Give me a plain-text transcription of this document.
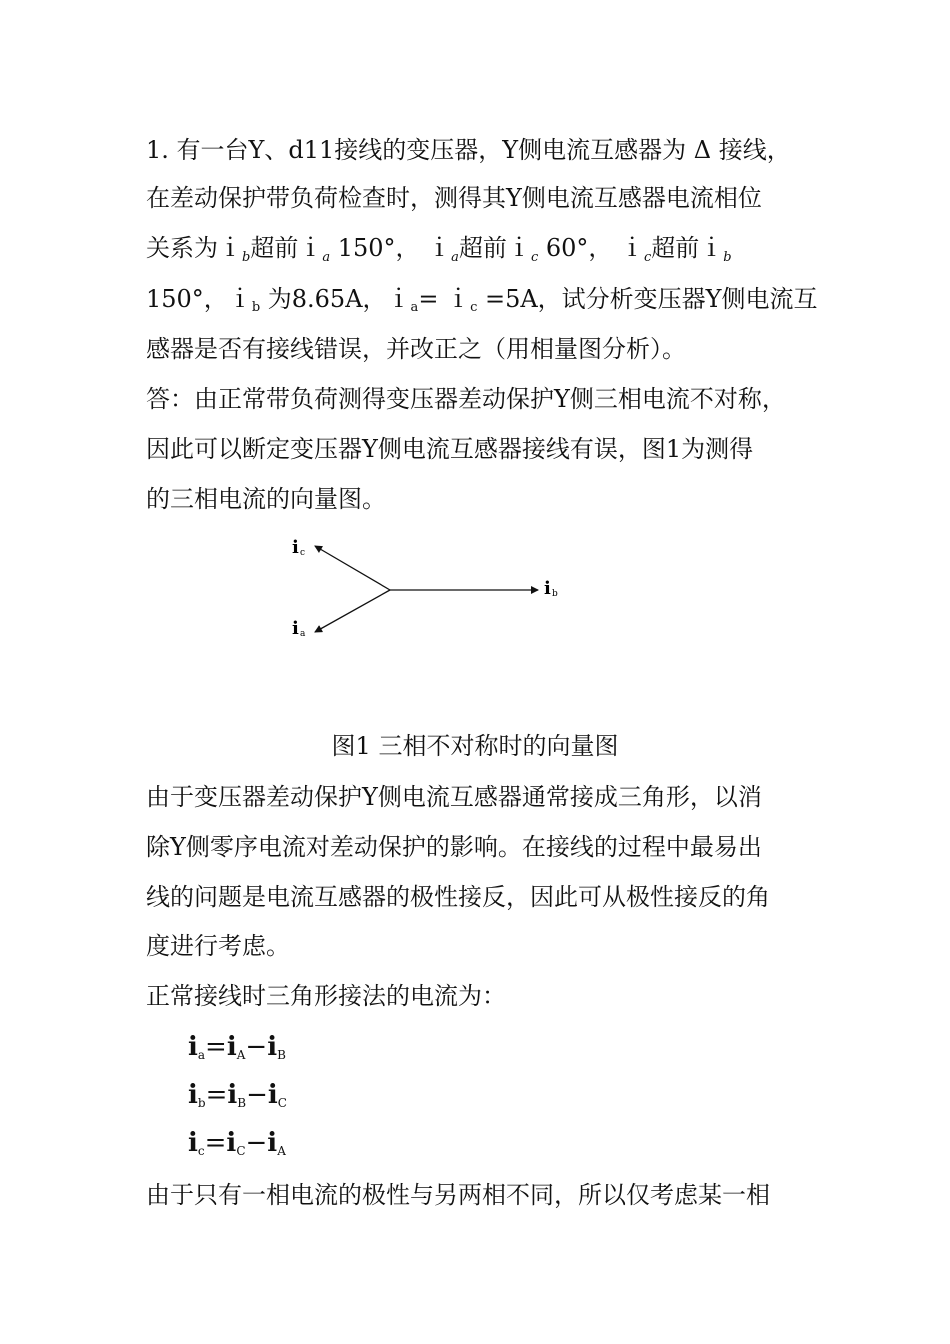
1. 有一台Y、d11接线的变压器，Y侧电流互感器为 Δ 接线，
在差动保护带负荷检查时，测得其Y侧电流互感器电流相位
关系为ｉ$_b$超前ｉ$_a$ 150°， ｉ$_a$超前ｉ$_c$ 60°， ｉ$_c$超前ｉ$_b$
150°，ｉb 为8.65A，ｉa= ｉc =5A，试分析变压器Y侧电流互
感器是否有接线错误，并改正之（用相量图分析）。
答：由正常带负荷测得变压器差动保护Y侧三相电流不对称，
因此可以断定变压器Y侧电流互感器接线有误，图1为测得
的三相电流的向量图。
i c
i b
i a
图1 三相不对称时的向量图
由于变压器差动保护Y侧电流互感器通常接成三角形，以消
除Y侧零序电流对差动保护的影响。在接线的过程中最易出
线的问题是电流互感器的极性接反，因此可从极性接反的角
度进行考虑。
正常接线时三角形接法的电流为：
ia=iA−iB
ib=iB−iC
ic=iC−iA
由于只有一相电流的极性与另两相不同，所以仅考虑某一相
